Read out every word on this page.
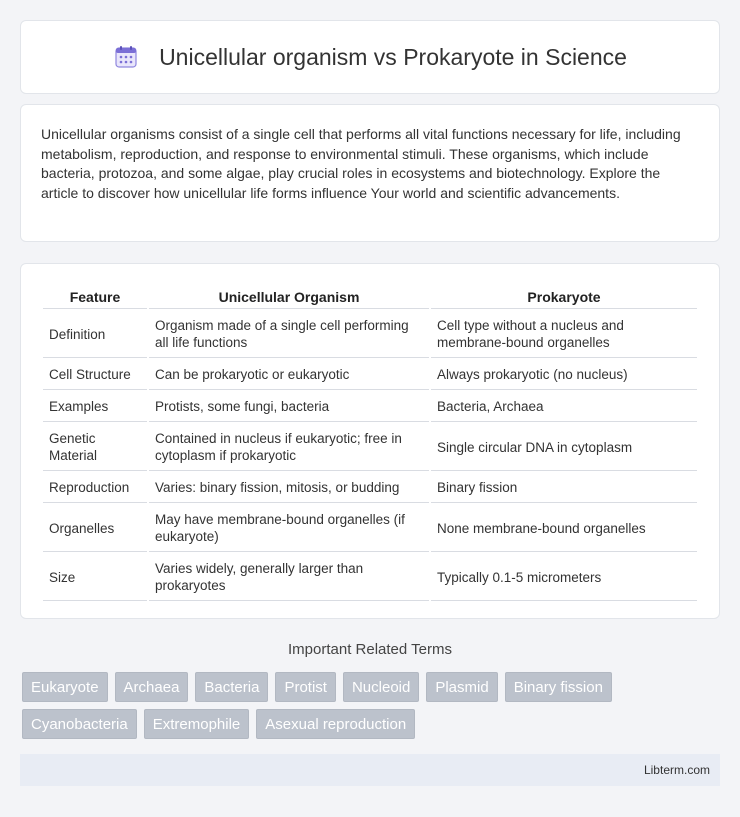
Unicellular organism vs Prokaryote in Science

Unicellular organisms consist of a single cell that performs all vital functions necessary for life, including metabolism, reproduction, and response to environmental stimuli. These organisms, which include bacteria, protozoa, and some algae, play crucial roles in ecosystems and biotechnology. Explore the article to discover how unicellular life forms influence Your world and scientific advancements.

Feature	Unicellular Organism	Prokaryote
Definition	Organism made of a single cell performing all life functions	Cell type without a nucleus and membrane-bound organelles
Cell Structure	Can be prokaryotic or eukaryotic	Always prokaryotic (no nucleus)
Examples	Protists, some fungi, bacteria	Bacteria, Archaea
Genetic Material	Contained in nucleus if eukaryotic; free in cytoplasm if prokaryotic	Single circular DNA in cytoplasm
Reproduction	Varies: binary fission, mitosis, or budding	Binary fission
Organelles	May have membrane-bound organelles (if eukaryote)	None membrane-bound organelles
Size	Varies widely, generally larger than prokaryotes	Typically 0.1-5 micrometers
Important Related Terms
Eukaryote	Archaea	Bacteria	Protist	Nucleoid	Plasmid	Binary fission
Cyanobacteria	Extremophile	Asexual reproduction
Libterm.com
